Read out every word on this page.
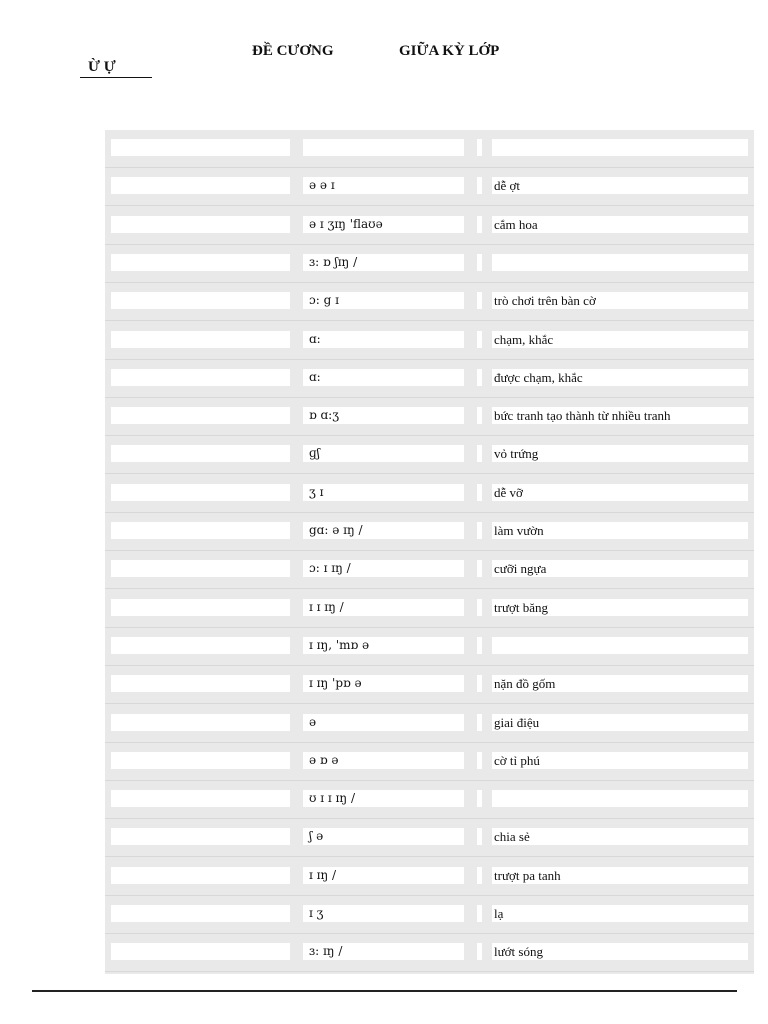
ĐỀ CƯƠNG	GIỮA KỲ LỚP
Ừ Ự
ə ə ɪ	dễ ợt
ə ɪ ʒɪŋ 'flaʊə	cắm hoa
ɜ: ɒ ʃɪŋ /
ɔ: g ɪ	trò chơi trên bàn cờ
ɑ:	chạm, khắc
ɑ:	được chạm, khắc
ɒ ɑ:ʒ	bức tranh tạo thành từ nhiều tranh
ɡʃ	vỏ trứng
ʒ ɪ	dễ vỡ
gɑ: ə ɪŋ /	làm vườn
ɔ: ɪ ɪŋ /	cưỡi ngựa
ɪ ɪ ɪŋ /	trượt băng
ɪ ɪŋ, 'mɒ ə
ɪ ɪŋ 'pɒ ə	nặn đồ gốm
ə	giai điệu
ə ɒ ə	cờ tỉ phú
ʊ ɪ ɪ ɪŋ /
ʃ ə	chia sẻ
ɪ ɪŋ /	trượt pa tanh
ɪ ʒ	lạ
ɜ: ɪŋ /	lướt sóng
